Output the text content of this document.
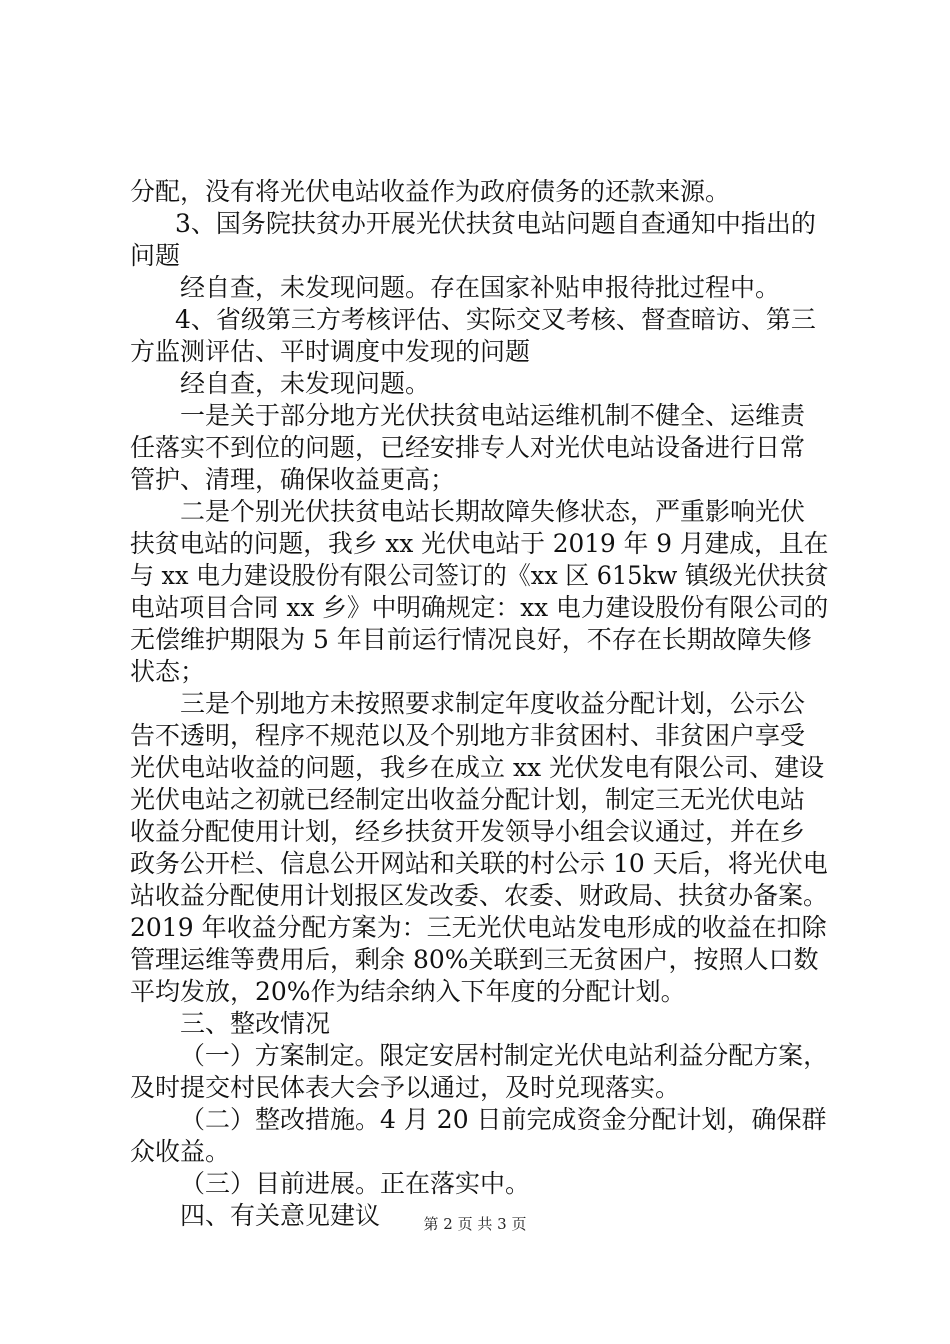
分配，没有将光伏电站收益作为政府债务的还款来源。
3、国务院扶贫办开展光伏扶贫电站问题自查通知中指出的
问题
经自查，未发现问题。存在国家补贴申报待批过程中。
4、省级第三方考核评估、实际交叉考核、督查暗访、第三
方监测评估、平时调度中发现的问题
经自查，未发现问题。
一是关于部分地方光伏扶贫电站运维机制不健全、运维责
任落实不到位的问题，已经安排专人对光伏电站设备进行日常
管护、清理，确保收益更高；
二是个别光伏扶贫电站长期故障失修状态，严重影响光伏
扶贫电站的问题，我乡 xx 光伏电站于 2019 年 9 月建成，且在
与 xx 电力建设股份有限公司签订的《xx 区 615kw 镇级光伏扶贫
电站项目合同 xx 乡》中明确规定：xx 电力建设股份有限公司的
无偿维护期限为 5 年目前运行情况良好，不存在长期故障失修
状态；
三是个别地方未按照要求制定年度收益分配计划，公示公
告不透明，程序不规范以及个别地方非贫困村、非贫困户享受
光伏电站收益的问题，我乡在成立 xx 光伏发电有限公司、建设
光伏电站之初就已经制定出收益分配计划，制定三无光伏电站
收益分配使用计划，经乡扶贫开发领导小组会议通过，并在乡
政务公开栏、信息公开网站和关联的村公示 10 天后，将光伏电
站收益分配使用计划报区发改委、农委、财政局、扶贫办备案。
2019 年收益分配方案为：三无光伏电站发电形成的收益在扣除
管理运维等费用后，剩余 80%关联到三无贫困户，按照人口数
平均发放，20%作为结余纳入下年度的分配计划。
三、整改情况
（一）方案制定。限定安居村制定光伏电站利益分配方案，
及时提交村民体表大会予以通过，及时兑现落实。
（二）整改措施。4 月 20 日前完成资金分配计划，确保群
众收益。
（三）目前进展。正在落实中。
四、有关意见建议	第 2 页 共 3 页
